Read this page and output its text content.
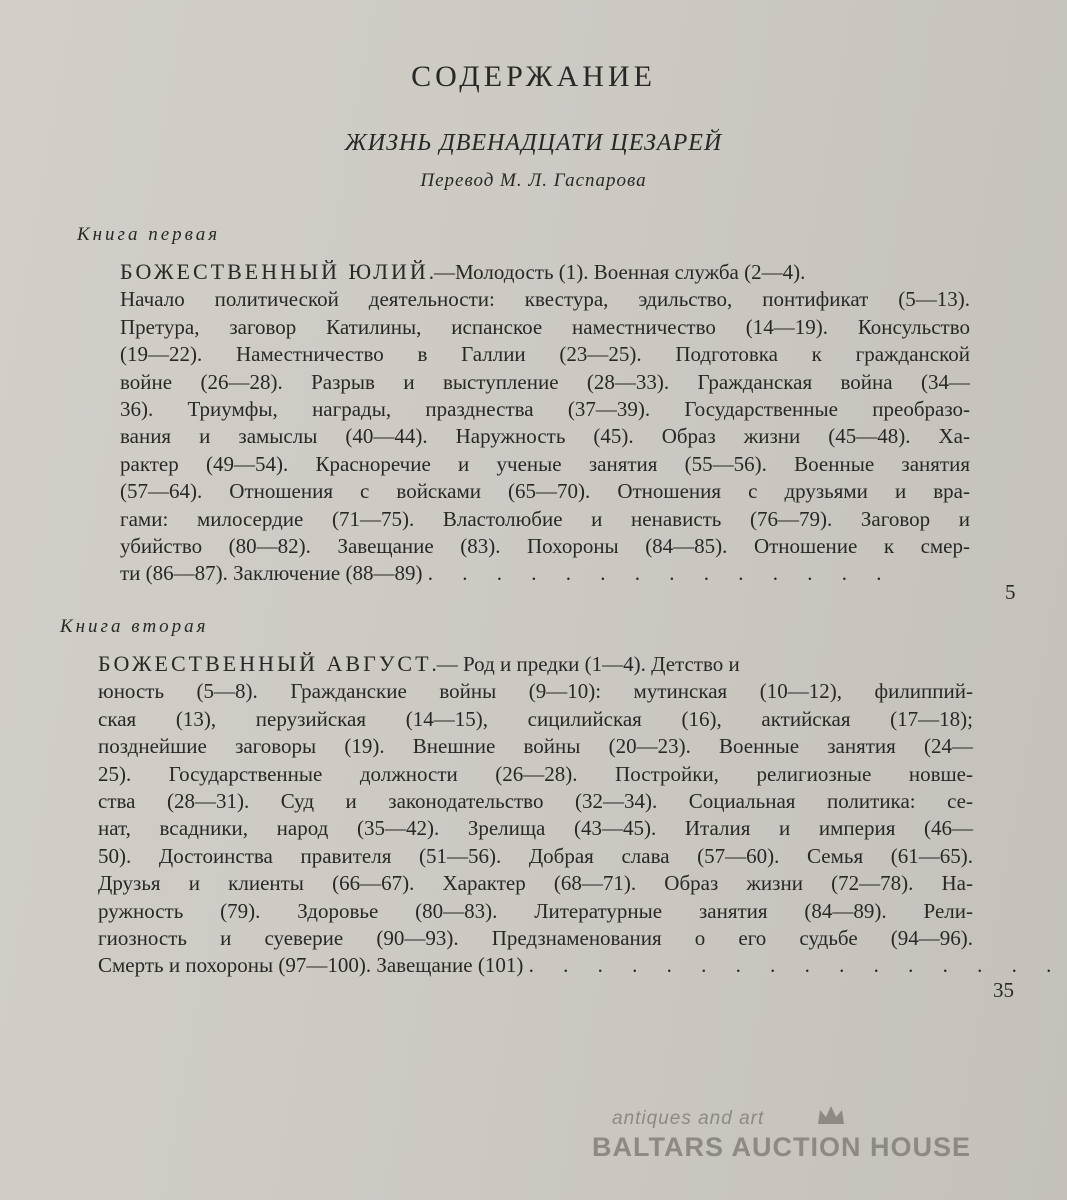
СОДЕРЖАНИЕ
ЖИЗНЬ ДВЕНАДЦАТИ ЦЕЗАРЕЙ
Перевод М. Л. Гаспарова
Книга первая
БОЖЕСТВЕННЫЙ ЮЛИЙ.—Молодость (1). Военная служба (2—4).
Начало политической деятельности: квестура, эдильство, понтификат (5—13).
Претура, заговор Катилины, испанское наместничество (14—19). Консульство
(19—22). Наместничество в Галлии (23—25). Подготовка к гражданской
войне (26—28). Разрыв и выступление (28—33). Гражданская война (34—
36). Триумфы, награды, празднества (37—39). Государственные преобразо-
вания и замыслы (40—44). Наружность (45). Образ жизни (45—48). Ха-
рактер (49—54). Красноречие и ученые занятия (55—56). Военные занятия
(57—64). Отношения с войсками (65—70). Отношения с друзьями и вра-
гами: милосердие (71—75). Властолюбие и ненависть (76—79). Заговор и
убийство (80—82). Завещание (83). Похороны (84—85). Отношение к смер-
ти (86—87). Заключение (88—89) . . . . . . . . . . . . . .
5
Книга вторая
БОЖЕСТВЕННЫЙ АВГУСТ.— Род и предки (1—4). Детство и
юность (5—8). Гражданские войны (9—10): мутинская (10—12), филиппий-
ская (13), перузийская (14—15), сицилийская (16), актийская (17—18);
позднейшие заговоры (19). Внешние войны (20—23). Военные занятия (24—
25). Государственные должности (26—28). Постройки, религиозные новше-
ства (28—31). Суд и законодательство (32—34). Социальная политика: се-
нат, всадники, народ (35—42). Зрелища (43—45). Италия и империя (46—
50). Достоинства правителя (51—56). Добрая слава (57—60). Семья (61—65).
Друзья и клиенты (66—67). Характер (68—71). Образ жизни (72—78). На-
ружность (79). Здоровье (80—83). Литературные занятия (84—89). Рели-
гиозность и суеверие (90—93). Предзнаменования о его судьбе (94—96).
Смерть и похороны (97—100). Завещание (101) . . . . . . . . . . . . . . . .
35
antiques and art
BALTARS AUCTION HOUSE
